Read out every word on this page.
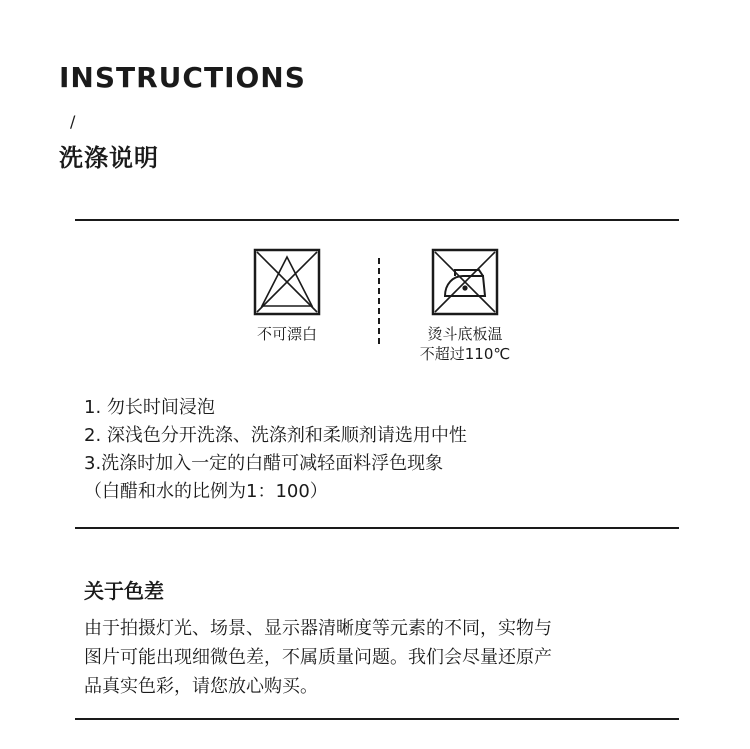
INSTRUCTIONS
/
洗涤说明
不可漂白	烫斗底板温
不超过110℃
1. 勿长时间浸泡
2. 深浅色分开洗涤、洗涤剂和柔顺剂请选用中性
3.洗涤时加入一定的白醋可减轻面料浮色现象
（白醋和水的比例为1：100）
关于色差
由于拍摄灯光、场景、显示器清晰度等元素的不同，实物与
图片可能出现细微色差，不属质量问题。我们会尽量还原产
品真实色彩，请您放心购买。
